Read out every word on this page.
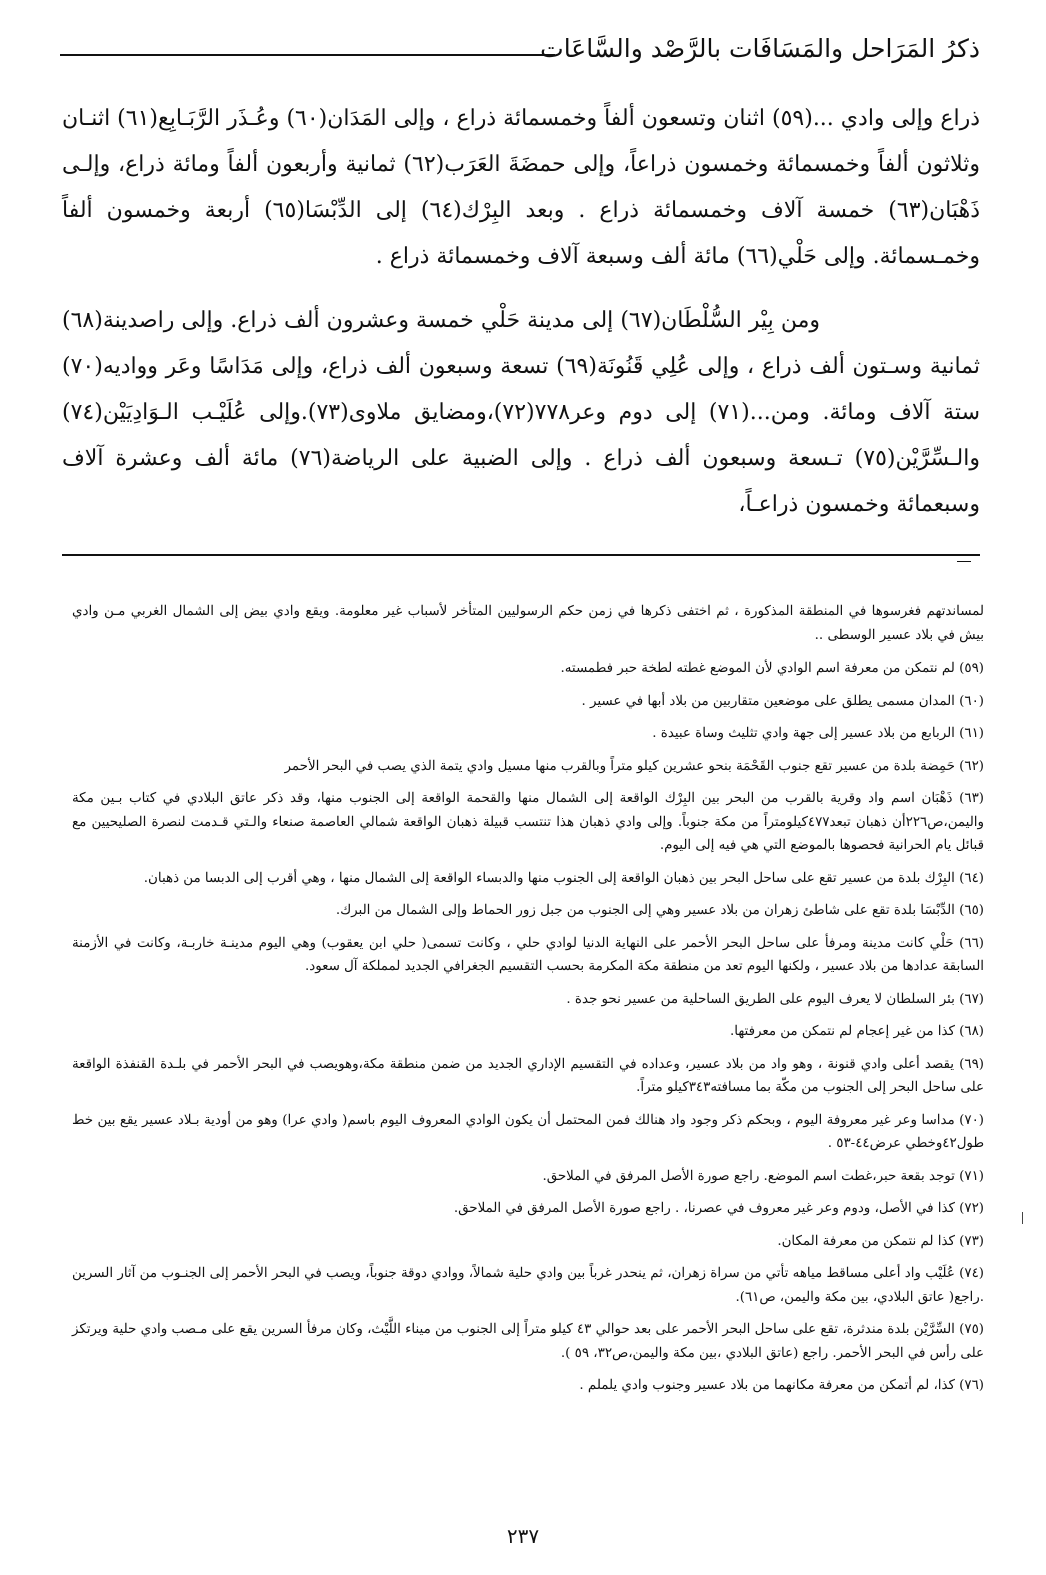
ذكرُ المَرَاحل والمَسَافَات بالرَّصْد والسَّاعَات

ذراع وإلى وادي ...(٥٩) اثنان وتسعون ألفاً وخمسمائة ذراع ، وإلى المَدَان(٦٠) وعُـذَر الرَّبَـابِع(٦١) اثنـان وثلاثون ألفاً وخمسمائة وخمسون ذراعاً، وإلى حمضَةَ العَرَب(٦٢) ثمانية وأربعون ألفاً ومائة ذراع، وإلـى ذَهْبَان(٦٣) خمسة آلاف وخمسمائة ذراع . وبعد البِرْك(٦٤) إلى الدِّبْسَا(٦٥) أربعة وخمسون ألفاً وخمـسمائة. وإلى حَلْي(٦٦) مائة ألف وسبعة آلاف وخمسمائة ذراع .

ومن بِيْر السُّلْطَان(٦٧) إلى مدينة حَلْي خمسة وعشرون ألف ذراع. وإلى راصدينة(٦٨) ثمانية وسـتون ألف ذراع ، وإلى عُلِي قَنُونَة(٦٩) تسعة وسبعون ألف ذراع، وإلى مَدَاسًا وعَر وواديه(٧٠) ستة آلاف ومائة. ومن...(٧١) إلى دوم وعر٧٧٨(٧٢)،ومضايق ملاوى(٧٣).وإلى عُلَيْـب الـوَادِيَيْن(٧٤) والـسِّرَّيْن(٧٥) تـسعة وسبعون ألف ذراع . وإلى الضبية على الرياضة(٧٦) مائة ألف وعشرة آلاف وسبعمائة وخمسون ذراعـاً،

لمساندتهم فغرسوها في المنطقة المذكورة ، ثم اختفى ذكرها في زمن حكم الرسوليين المتأخر لأسباب غير معلومة. ويقع وادي بيض إلى الشمال الغربي مـن وادي بيش في بلاد عسير الوسطى ..

(٥٩) لم نتمكن من معرفة اسم الوادي لأن الموضع غطته لطخة حبر فطمسته.

(٦٠) المدان مسمى يطلق على موضعين متقاربين من بلاد أبها في عسير .

(٦١) الربابع من بلاد عسير إلى جهة وادي تثليث وساة عبيدة .

(٦٢) حَمِضة بلدة من عسير تقع جنوب القَحْمَة بنحو عشرين كيلو متراً وبالقرب منها مسيل وادي يتمة الذي يصب في البحر الأحمر

(٦٣) ذَهْبَان اسم واد وقرية بالقرب من البحر بين البِرْك الواقعة إلى الشمال منها والقحمة الواقعة إلى الجنوب منها، وقد ذكر عاتق البلادي في كتاب بـين مكة واليمن،ص٢٢٦أن ذهبان تبعد٤٧٧كيلومتراً من مكة جنوباً. وإلى وادي ذهبان هذا تنتسب قبيلة ذهبان الواقعة شمالي العاصمة صنعاء والـتي قـدمت لنصرة الصليحيين مع قبائل يام الحرانية فحصوها بالموضع التي هي فيه إلى اليوم.

(٦٤) البِرْك بلدة من عسير تقع على ساحل البحر بين ذهبان الواقعة إلى الجنوب منها والدبساء الواقعة إلى الشمال منها ، وهي أقرب إلى الدبسا من ذهبان.

(٦٥) الدِّبْسَا بلدة تقع على شاطئ زهران من بلاد عسير وهي إلى الجنوب من جبل زور الحماط وإلى الشمال من البرك.

(٦٦) حَلْي كانت مدينة ومرفأ على ساحل البحر الأحمر على النهاية الدنيا لوادي حلي ، وكانت تسمى( حلي ابن يعقوب) وهي اليوم مدينـة خاربـة، وكانت في الأزمنة السابقة عدادها من بلاد عسير ، ولكنها اليوم تعد من منطقة مكة المكرمة بحسب التقسيم الجغرافي الجديد لمملكة آل سعود.

(٦٧) بئر السلطان لا يعرف اليوم على الطريق الساحلية من عسير نحو جدة .

(٦٨) كذا من غير إعجام لم نتمكن من معرفتها.

(٦٩) يقصد أعلى وادي قنونة ، وهو واد من بلاد عسير، وعداده في التقسيم الإداري الجديد من ضمن منطقة مكة،وهويصب في البحر الأحمر في بلـدة القنفذة الواقعة على ساحل البحر إلى الجنوب من مكّة بما مسافته٣٤٣كيلو متراً.

(٧٠) مداسا وعر غير معروفة اليوم ، وبحكم ذكر وجود واد هنالك فمن المحتمل أن يكون الوادي المعروف اليوم باسم( وادي عرا) وهو من أودية بـلاد عسير يقع بين خط طول٤٢وخطي عرض٤٤-٥٣ .

(٧١) توجد بقعة حبر،غطت اسم الموضع. راجع صورة الأصل المرفق في الملاحق.

(٧٢) كذا في الأصل، ودوم وعر غير معروف في عصرنا، . راجع صورة الأصل المرفق في الملاحق.

(٧٣) كذا لم نتمكن من معرفة المكان.

(٧٤) عُلَيْب واد أعلى مساقط مياهه تأتي من سراة زهران، ثم ينحدر غرباً بين وادي حلية شمالاً، ووادي دوقة جنوباً، ويصب في البحر الأحمر إلى الجنـوب من آثار السرين .راجع( عاتق البلادي، بين مكة واليمن، ص٦١).

(٧٥) السِّرَّيْن بلدة مندثرة، تقع على ساحل البحر الأحمر على بعد حوالي ٤٣ كيلو متراً إلى الجنوب من ميناء اللَّيْث، وكان مرفأ السرين يقع على مـصب وادي حلية ويرتكز على رأس في البحر الأحمر. راجع (عاتق البلادي ،بين مكة واليمن،ص٣٢، ٥٩ ).

(٧٦) كذا، لم أتمكن من معرفة مكانهما من بلاد عسير وجنوب وادي يلملم .

٢٣٧
